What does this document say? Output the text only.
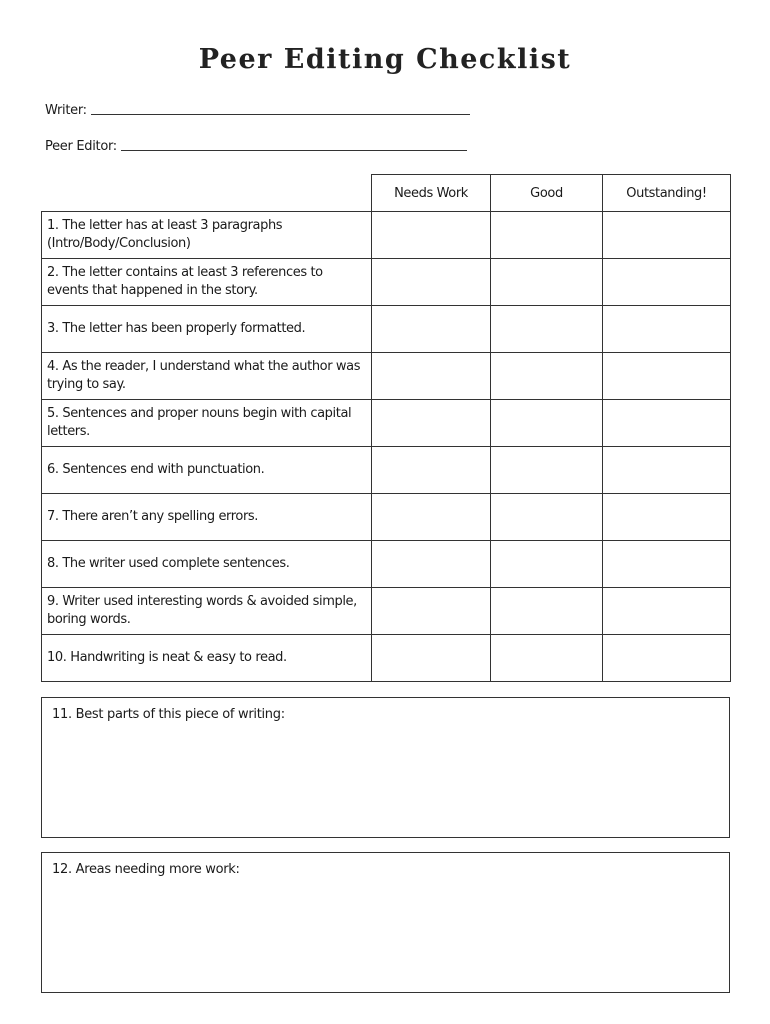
Peer Editing Checklist
Writer:
Peer Editor:
	Needs Work	Good	Outstanding!
1. The letter has at least 3 paragraphs (Intro/Body/Conclusion)			
2. The letter contains at least 3 references to events that happened in the story.			
3. The letter has been properly formatted.			
4. As the reader, I understand what the author was trying to say.			
5. Sentences and proper nouns begin with capital letters.			
6. Sentences end with punctuation.			
7. There aren’t any spelling errors.			
8. The writer used complete sentences.			
9. Writer used interesting words & avoided simple, boring words.			
10. Handwriting is neat & easy to read.			
11. Best parts of this piece of writing:
12. Areas needing more work:
